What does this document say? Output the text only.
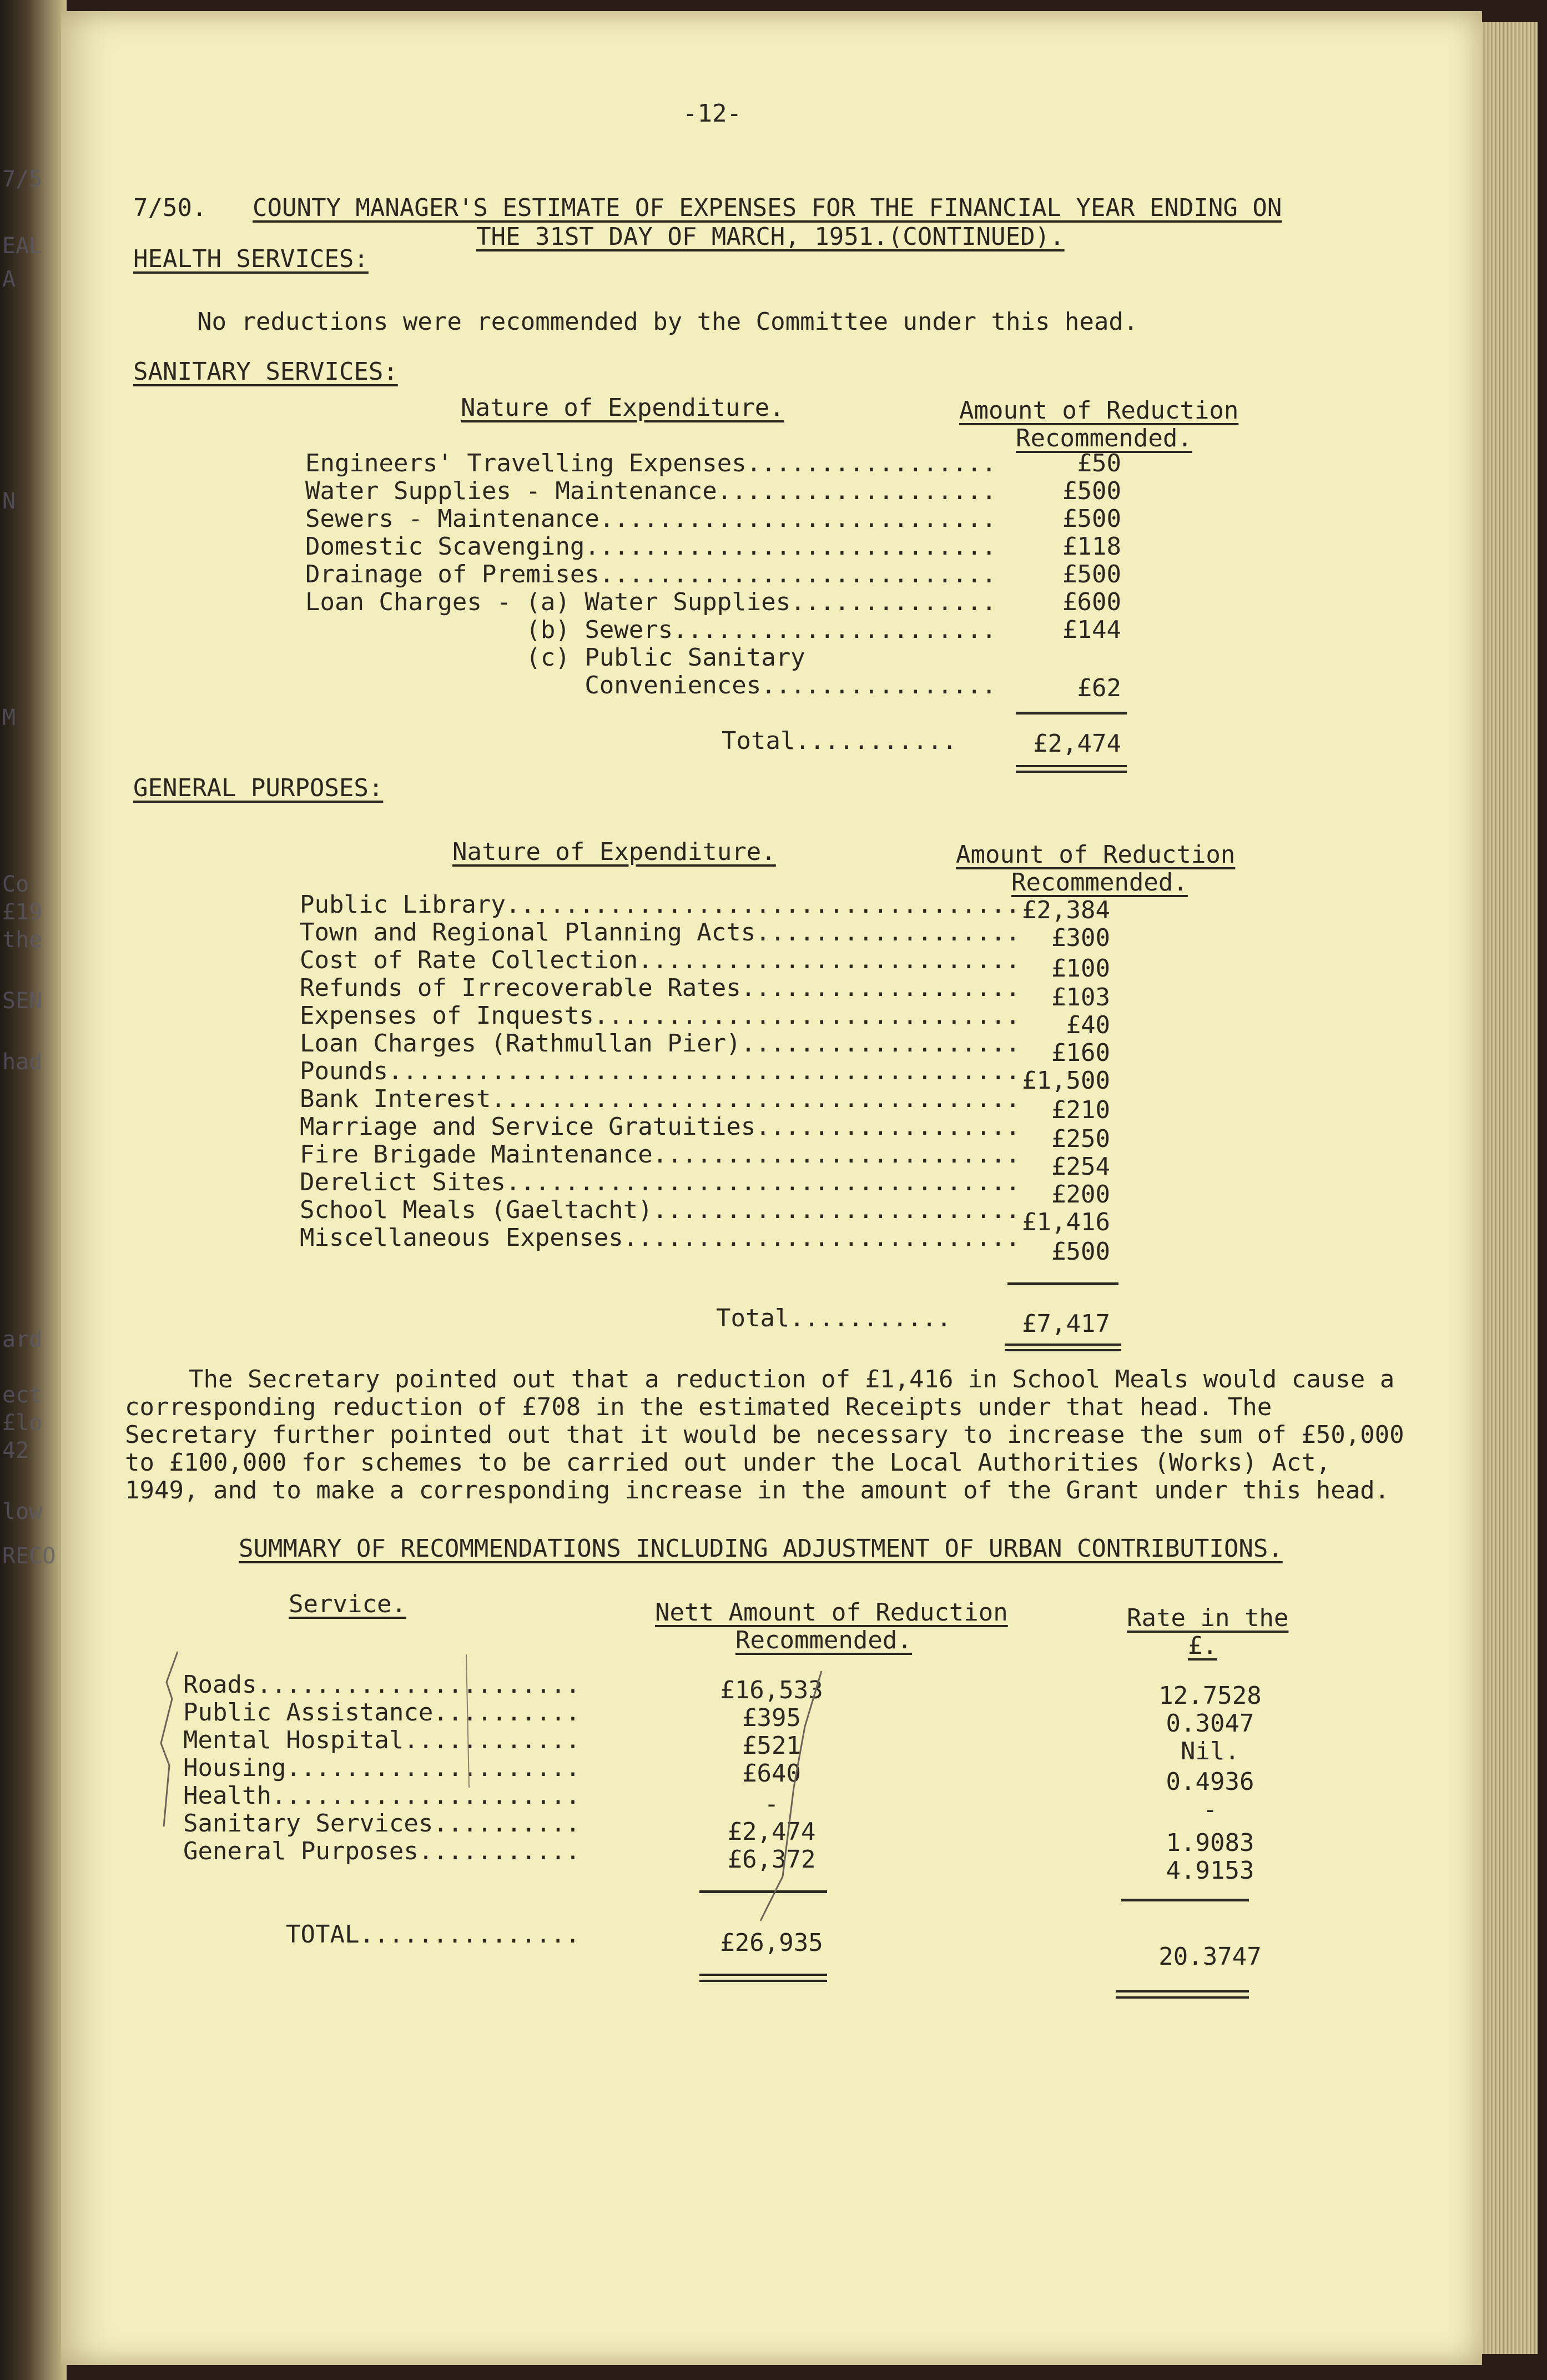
7/5
EAL
A
N
M
Co
£19
the
SEN
had
ard
ect
£lo
42
low
RECO
-12-
7/50. COUNTY MANAGER'S ESTIMATE OF EXPENSES FOR THE FINANCIAL YEAR ENDING ON
THE 31ST DAY OF MARCH, 1951.(CONTINUED).
HEALTH SERVICES:
No reductions were recommended by the Committee under this head.
SANITARY SERVICES:
Nature of Expenditure.	Amount of Reduction
Recommended.
Engineers' Travelling Expenses.................	£50
Water Supplies - Maintenance...................	£500
Sewers - Maintenance...........................	£500
Domestic Scavenging............................	£118
Drainage of Premises...........................	£500
Loan Charges - (a) Water Supplies..............	£600
(b) Sewers......................	£144
(c) Public Sanitary
Conveniences................	£62
Total...........	£2,474
GENERAL PURPOSES:
Nature of Expenditure.	Amount of Reduction
Recommended.
Public Library................................... £2,384
Town and Regional Planning Acts..................	£300
Cost of Rate Collection..........................	£100
Refunds of Irrecoverable Rates...................	£103
Expenses of Inquests.............................	£40
Loan Charges (Rathmullan Pier)...................	£160
Pounds........................................... £1,500
Bank Interest....................................	£210
Marriage and Service Gratuities..................	£250
Fire Brigade Maintenance.........................	£254
Derelict Sites...................................	£200
School Meals (Gaeltacht)......................... £1,416
Miscellaneous Expenses...........................	£500
Total...........	£7,417
The Secretary pointed out that a reduction of £1,416 in School Meals would cause a corresponding reduction of £708 in the estimated Receipts under that head. The Secretary further pointed out that it would be necessary to increase the sum of £50,000 to £100,000 for schemes to be carried out under the Local Authorities (Works) Act, 1949, and to make a corresponding increase in the amount of the Grant under this head.
SUMMARY OF RECOMMENDATIONS INCLUDING ADJUSTMENT OF URBAN CONTRIBUTIONS.
Service.	Nett Amount of Reduction
Recommended.
Rate in the
£.
Roads......................	£16,533	12.7528
Public Assistance..........	£395	0.3047
Mental Hospital............	£521	Nil.
Housing....................	£640	0.4936
Health.....................	-	-
Sanitary Services..........	£2,474	1.9083
General Purposes...........	£6,372	4.9153
TOTAL...............	£26,935	20.3747
